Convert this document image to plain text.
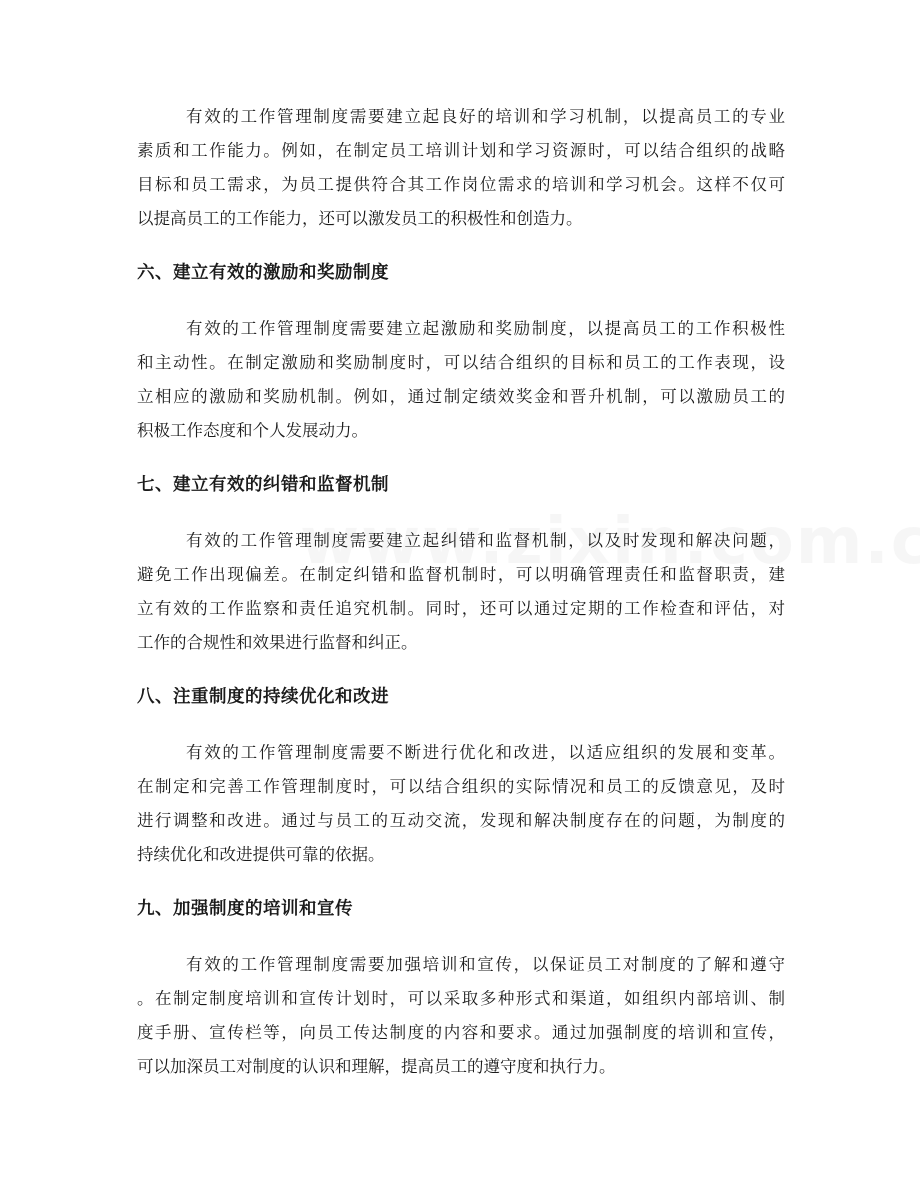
有效的工作管理制度需要建立起良好的培训和学习机制，以提高员工的专业
素质和工作能力。例如，在制定员工培训计划和学习资源时，可以结合组织的战略
目标和员工需求，为员工提供符合其工作岗位需求的培训和学习机会。这样不仅可
以提高员工的工作能力，还可以激发员工的积极性和创造力。

六、建立有效的激励和奖励制度

有效的工作管理制度需要建立起激励和奖励制度，以提高员工的工作积极性
和主动性。在制定激励和奖励制度时，可以结合组织的目标和员工的工作表现，设
立相应的激励和奖励机制。例如，通过制定绩效奖金和晋升机制，可以激励员工的
积极工作态度和个人发展动力。

七、建立有效的纠错和监督机制

有效的工作管理制度需要建立起纠错和监督机制，以及时发现和解决问题，
避免工作出现偏差。在制定纠错和监督机制时，可以明确管理责任和监督职责，建
立有效的工作监察和责任追究机制。同时，还可以通过定期的工作检查和评估，对
工作的合规性和效果进行监督和纠正。

八、注重制度的持续优化和改进

有效的工作管理制度需要不断进行优化和改进，以适应组织的发展和变革。
在制定和完善工作管理制度时，可以结合组织的实际情况和员工的反馈意见，及时
进行调整和改进。通过与员工的互动交流，发现和解决制度存在的问题，为制度的
持续优化和改进提供可靠的依据。

九、加强制度的培训和宣传

有效的工作管理制度需要加强培训和宣传，以保证员工对制度的了解和遵守
。在制定制度培训和宣传计划时，可以采取多种形式和渠道，如组织内部培训、制
度手册、宣传栏等，向员工传达制度的内容和要求。通过加强制度的培训和宣传，
可以加深员工对制度的认识和理解，提高员工的遵守度和执行力。
